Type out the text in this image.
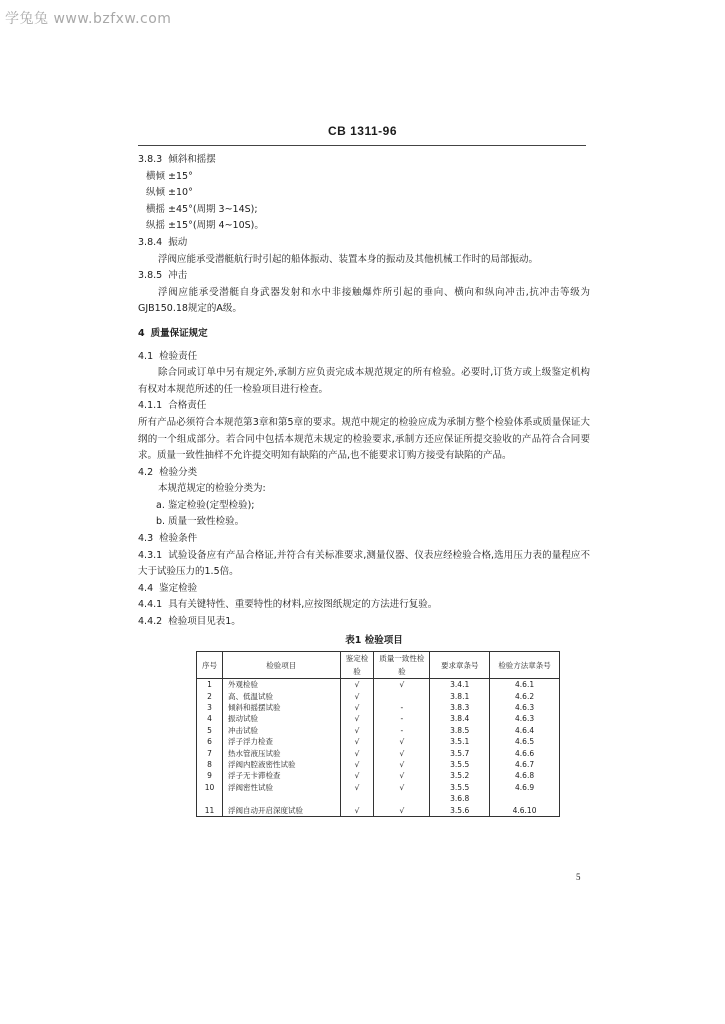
学兔兔 www.bzfxw.com
CB 1311-96

3.8.3 倾斜和摇摆

横倾 ±15°

纵倾 ±10°

横摇 ±45°(周期 3~14S);

纵摇 ±15°(周期 4~10S)。

3.8.4 振动

浮阀应能承受潜艇航行时引起的船体振动、装置本身的振动及其他机械工作时的局部振动。

3.8.5 冲击

浮阀应能承受潜艇自身武器发射和水中非接触爆炸所引起的垂向、横向和纵向冲击,抗冲击等级为GJB150.18规定的A级。

4 质量保证规定

4.1 检验责任

除合同或订单中另有规定外,承制方应负责完成本规范规定的所有检验。必要时,订货方或上级鉴定机构有权对本规范所述的任一检验项目进行检查。

4.1.1 合格责任

所有产品必须符合本规范第3章和第5章的要求。规范中规定的检验应成为承制方整个检验体系或质量保证大纲的一个组成部分。若合同中包括本规范未规定的检验要求,承制方还应保证所提交验收的产品符合合同要求。质量一致性抽样不允许提交明知有缺陷的产品,也不能要求订购方接受有缺陷的产品。

4.2 检验分类

本规范规定的检验分类为:

a. 鉴定检验(定型检验);

b. 质量一致性检验。

4.3 检验条件

4.3.1 试验设备应有产品合格证,并符合有关标准要求,测量仪器、仪表应经检验合格,选用压力表的量程应不大于试验压力的1.5倍。

4.4 鉴定检验

4.4.1 具有关键特性、重要特性的材料,应按图纸规定的方法进行复验。

4.4.2 检验项目见表1。

表1 检验项目

序号	检验项目	鉴定检验	质量一致性检验	要求章条号	检验方法章条号
1	外观检验	√	√	3.4.1	4.6.1
2	高、低温试验	√		3.8.1	4.6.2
3	倾斜和摇摆试验	√	-	3.8.3	4.6.3
4	振动试验	√	-	3.8.4	4.6.3
5	冲击试验	√	-	3.8.5	4.6.4
6	浮子浮力检查	√	√	3.5.1	4.6.5
7	热水管液压试验	√	√	3.5.7	4.6.6
8	浮阀内腔液密性试验	√	√	3.5.5	4.6.7
9	浮子无卡滞检查	√	√	3.5.2	4.6.8
10	浮阀密性试验	√	√	3.5.5	4.6.9
				3.6.8	
11	浮阀自动开启深度试验	√	√	3.5.6	4.6.10
5
